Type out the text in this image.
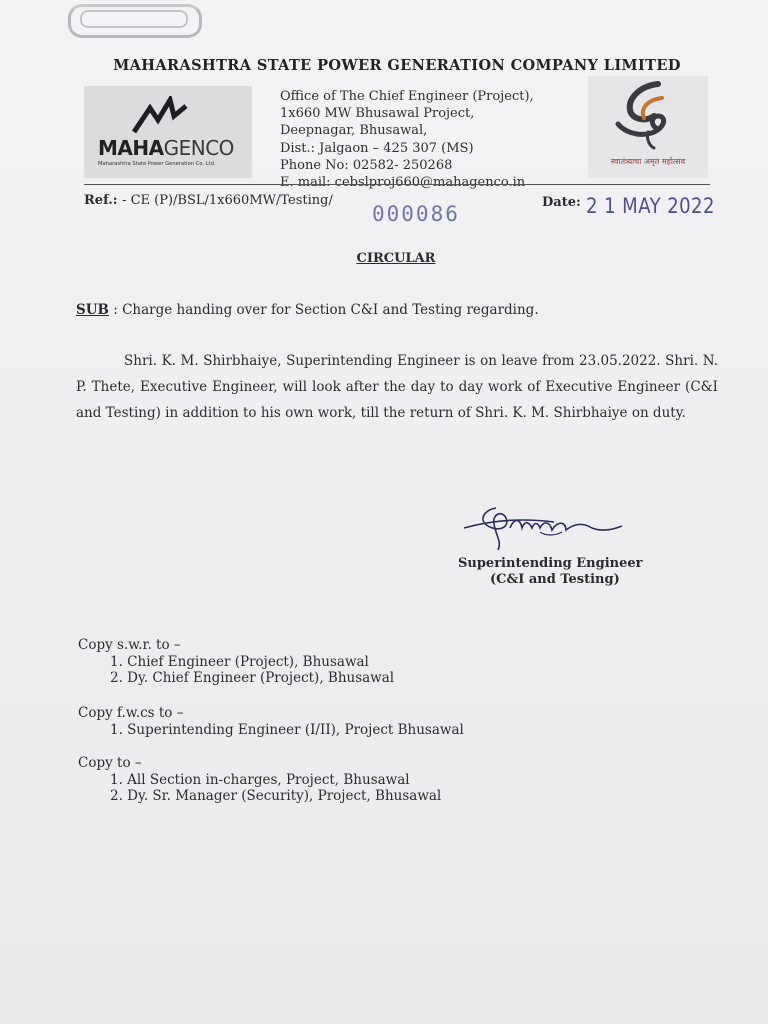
MAHARASHTRA STATE POWER GENERATION COMPANY LIMITED
MAHAGENCO
Maharashtra State Power Generation Co. Ltd.
Office of The Chief Engineer (Project),
1x660 MW Bhusawal Project,
Deepnagar, Bhusawal,
Dist.: Jalgaon – 425 307 (MS)
Phone No: 02582- 250268
E. mail: cebslproj660@mahagenco.in
स्वातंत्र्याचा अमृत महोत्सव
Ref.: - CE (P)/BSL/1x660MW/Testing/
000086	Date: 2 1 MAY 2022
CIRCULAR
SUB : Charge handing over for Section C&I and Testing regarding.
Shri. K. M. Shirbhaiye, Superintending Engineer is on leave from 23.05.2022. Shri. N. P. Thete, Executive Engineer, will look after the day to day work of Executive Engineer (C&I and Testing) in addition to his own work, till the return of Shri. K. M. Shirbhaiye on duty.
Superintending Engineer
(C&I and Testing)
Copy s.w.r. to –
1. Chief Engineer (Project), Bhusawal
2. Dy. Chief Engineer (Project), Bhusawal
Copy f.w.cs to –
1. Superintending Engineer (I/II), Project Bhusawal
Copy to –
1. All Section in-charges, Project, Bhusawal
2. Dy. Sr. Manager (Security), Project, Bhusawal
